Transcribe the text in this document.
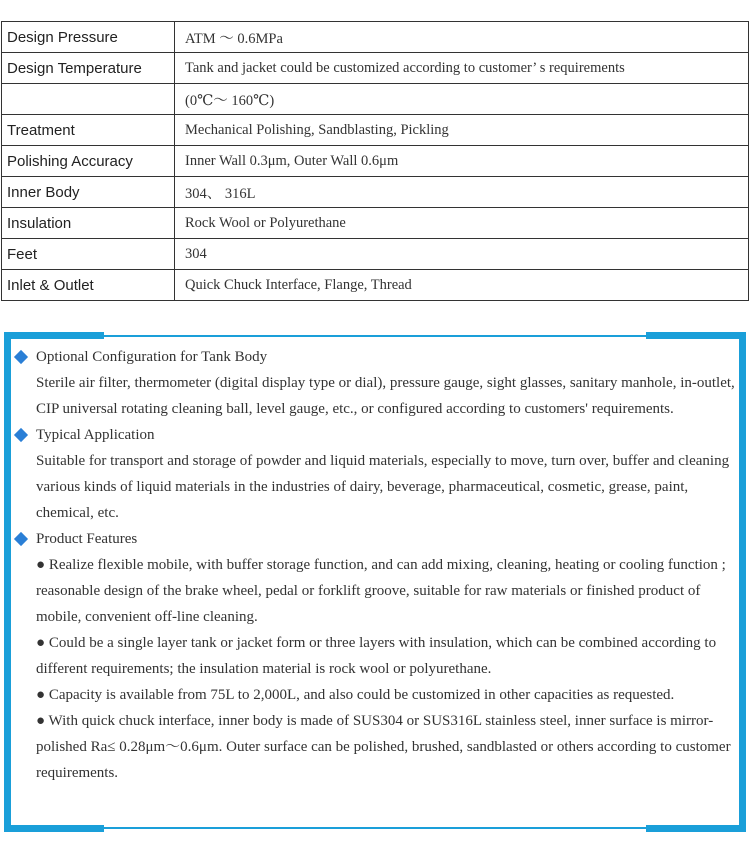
Design Pressure	ATM 〜 0.6MPa
Design Temperature	Tank and jacket could be customized according to customer’ s requirements
	(0℃〜 160℃)
Treatment	Mechanical Polishing, Sandblasting, Pickling
Polishing Accuracy	Inner Wall 0.3μm, Outer Wall 0.6μm
Inner Body	304、 316L
Insulation	Rock Wool or Polyurethane
Feet	304
Inlet & Outlet	Quick Chuck Interface, Flange, Thread
Optional Configuration for Tank Body
Sterile air filter, thermometer (digital display type or dial), pressure gauge, sight glasses, sanitary manhole, in-outlet, CIP universal rotating cleaning ball, level gauge, etc., or configured according to customers' requirements.
Typical Application
Suitable for transport and storage of powder and liquid materials, especially to move, turn over, buffer and cleaning various kinds of liquid materials in the industries of dairy, beverage, pharmaceutical, cosmetic, grease, paint, chemical, etc.
Product Features
● Realize flexible mobile, with buffer storage function, and can add mixing, cleaning, heating or cooling function ; reasonable design of the brake wheel, pedal or forklift groove, suitable for raw materials or finished product of mobile, convenient off-line cleaning.
● Could be a single layer tank or jacket form or three layers with insulation, which can be combined according to different requirements; the insulation material is rock wool or polyurethane.
● Capacity is available from 75L to 2,000L, and also could be customized in other capacities as requested.
● With quick chuck interface, inner body is made of SUS304 or SUS316L stainless steel, inner surface is mirror-polished Ra≤ 0.28μm〜0.6μm. Outer surface can be polished, brushed, sandblasted or others according to customer requirements.
